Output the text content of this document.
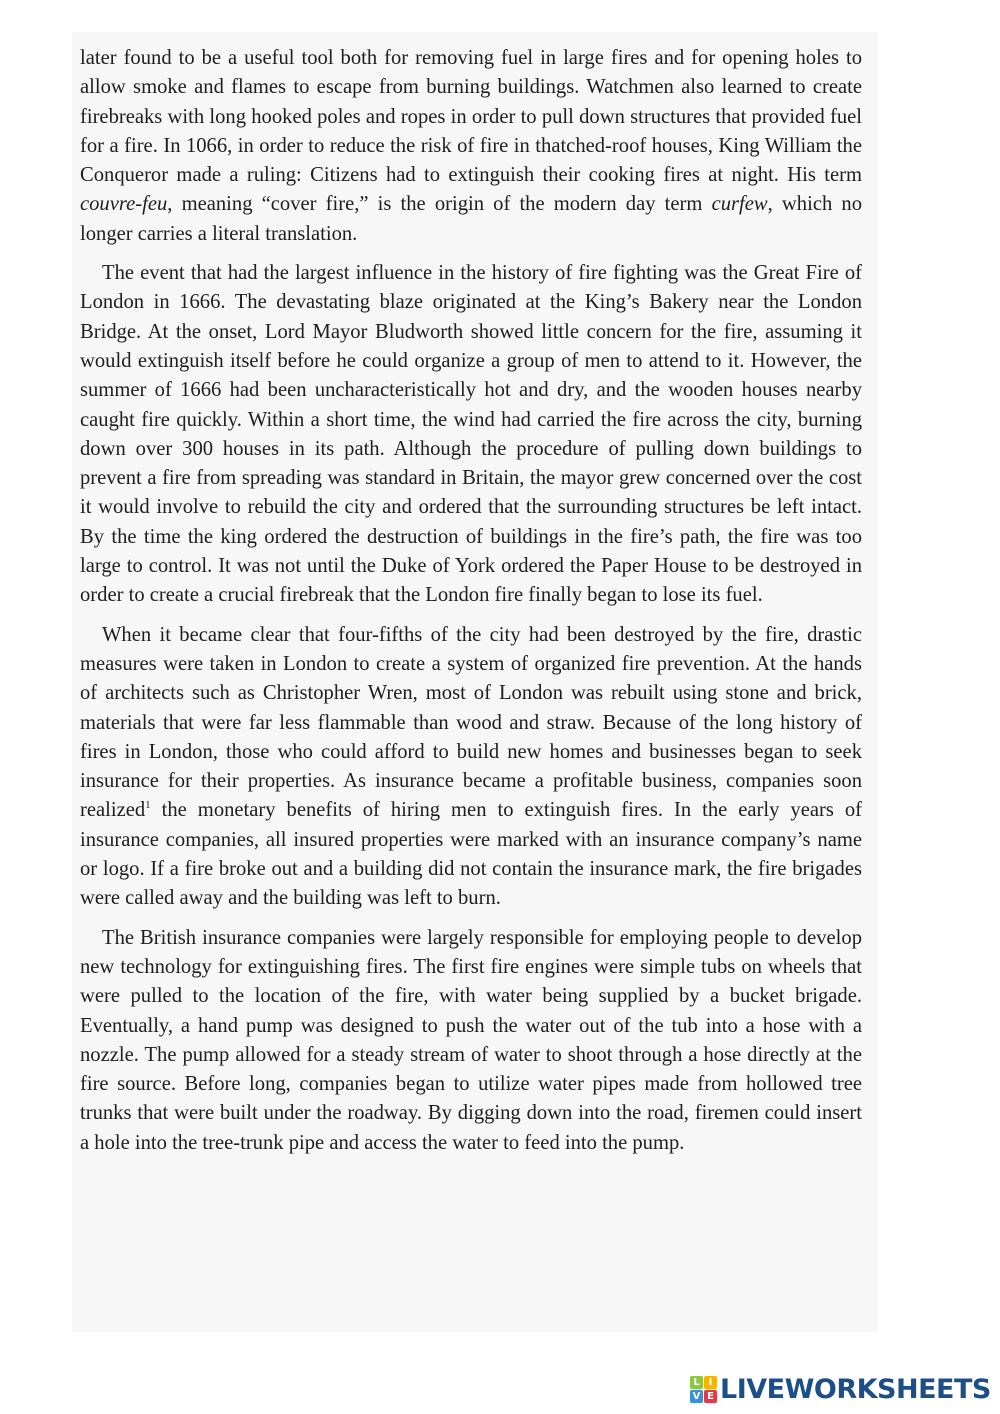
later found to be a useful tool both for removing fuel in large fires and for opening holes to allow smoke and flames to escape from burning buildings. Watchmen also learned to create firebreaks with long hooked poles and ropes in order to pull down structures that provided fuel for a fire. In 1066, in order to reduce the risk of fire in thatched-roof houses, King William the Conqueror made a ruling: Citizens had to extinguish their cooking fires at night. His term couvre-feu, meaning “cover fire,” is the origin of the modern day term curfew, which no longer carries a literal translation.

The event that had the largest influence in the history of fire fighting was the Great Fire of London in 1666. The devastating blaze originated at the King’s Bakery near the London Bridge. At the onset, Lord Mayor Bludworth showed little concern for the fire, assuming it would extinguish itself before he could organize a group of men to attend to it. However, the summer of 1666 had been uncharacteristically hot and dry, and the wooden houses nearby caught fire quickly. Within a short time, the wind had carried the fire across the city, burning down over 300 houses in its path. Although the procedure of pulling down buildings to prevent a fire from spreading was standard in Britain, the mayor grew concerned over the cost it would involve to rebuild the city and ordered that the surrounding structures be left intact. By the time the king ordered the destruction of buildings in the fire’s path, the fire was too large to control. It was not until the Duke of York ordered the Paper House to be destroyed in order to create a crucial firebreak that the London fire finally began to lose its fuel.

When it became clear that four-fifths of the city had been destroyed by the fire, drastic measures were taken in London to create a system of organized fire prevention. At the hands of architects such as Christopher Wren, most of London was rebuilt using stone and brick, materials that were far less flammable than wood and straw. Because of the long history of fires in London, those who could afford to build new homes and businesses began to seek insurance for their properties. As insurance became a profitable business, companies soon realized$^1$ the monetary benefits of hiring men to extinguish fires. In the early years of insurance companies, all insured properties were marked with an insurance company’s name or logo. If a fire broke out and a building did not contain the insurance mark, the fire brigades were called away and the building was left to burn.

The British insurance companies were largely responsible for employing people to develop new technology for extinguishing fires. The first fire engines were simple tubs on wheels that were pulled to the location of the fire, with water being supplied by a bucket brigade. Eventually, a hand pump was designed to push the water out of the tub into a hose with a nozzle. The pump allowed for a steady stream of water to shoot through a hose directly at the fire source. Before long, companies began to utilize water pipes made from hollowed tree trunks that were built under the roadway. By digging down into the road, firemen could insert a hole into the tree-trunk pipe and access the water to feed into the pump.

L I
V E LIVEWORKSHEETS
